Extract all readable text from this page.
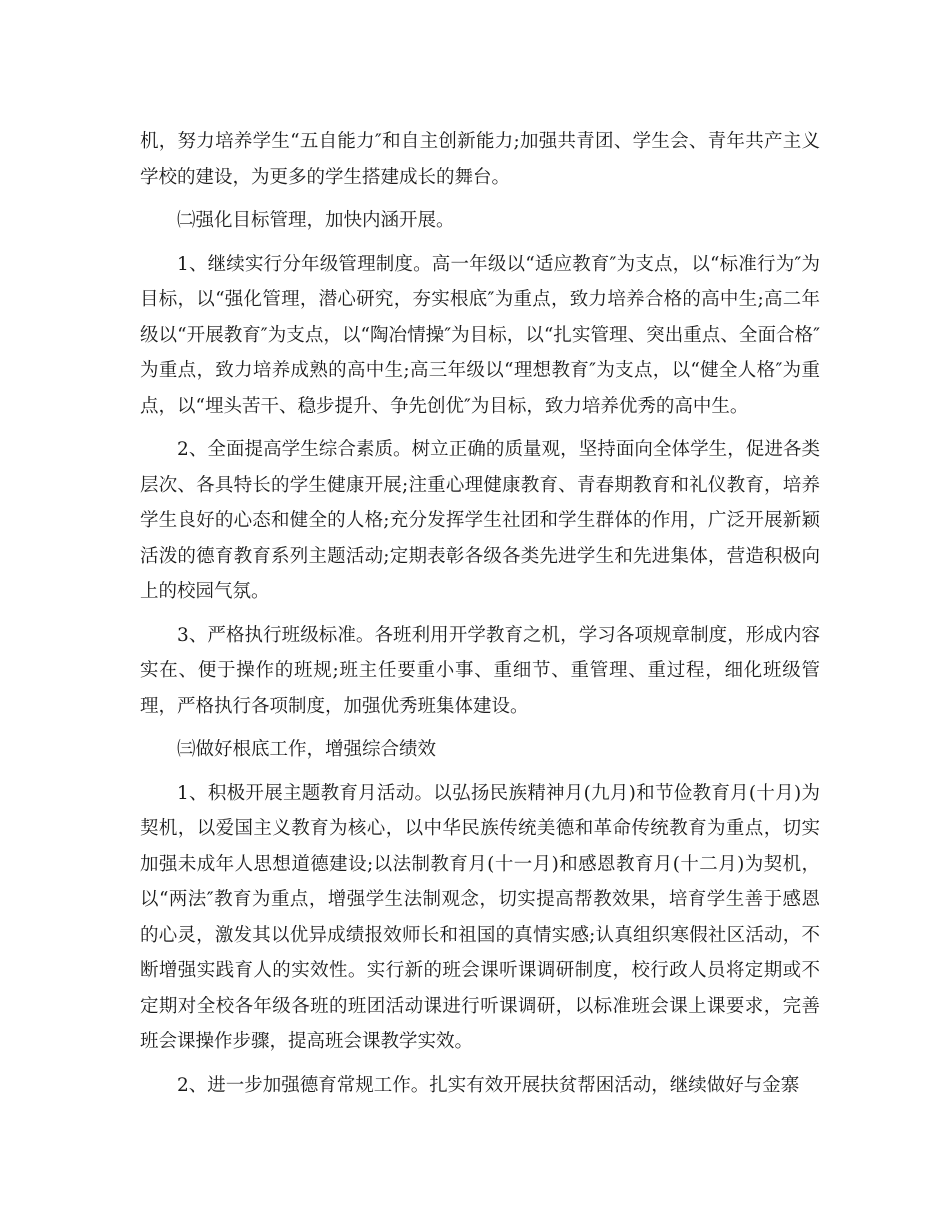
机，努力培养学生“五自能力″和自主创新能力;加强共青团、学生会、青年共产主义学校的建设，为更多的学生搭建成长的舞台。

㈡强化目标管理，加快内涵开展。

1、继续实行分年级管理制度。高一年级以“适应教育″为支点，以“标准行为″为目标，以“强化管理，潜心研究，夯实根底″为重点，致力培养合格的高中生;高二年级以“开展教育″为支点，以“陶冶情操″为目标，以“扎实管理、突出重点、全面合格″为重点，致力培养成熟的高中生;高三年级以“理想教育″为支点，以“健全人格″为重点，以“埋头苦干、稳步提升、争先创优″为目标，致力培养优秀的高中生。

2、全面提高学生综合素质。树立正确的质量观，坚持面向全体学生，促进各类层次、各具特长的学生健康开展;注重心理健康教育、青春期教育和礼仪教育，培养学生良好的心态和健全的人格;充分发挥学生社团和学生群体的作用，广泛开展新颖活泼的德育教育系列主题活动;定期表彰各级各类先进学生和先进集体，营造积极向上的校园气氛。

3、严格执行班级标准。各班利用开学教育之机，学习各项规章制度，形成内容实在、便于操作的班规;班主任要重小事、重细节、重管理、重过程，细化班级管理，严格执行各项制度，加强优秀班集体建设。

㈢做好根底工作，增强综合绩效

1、积极开展主题教育月活动。以弘扬民族精神月(九月)和节俭教育月(十月)为契机，以爱国主义教育为核心，以中华民族传统美德和革命传统教育为重点，切实加强未成年人思想道德建设;以法制教育月(十一月)和感恩教育月(十二月)为契机，以“两法″教育为重点，增强学生法制观念，切实提高帮教效果，培育学生善于感恩的心灵，激发其以优异成绩报效师长和祖国的真情实感;认真组织寒假社区活动，不断增强实践育人的实效性。实行新的班会课听课调研制度，校行政人员将定期或不定期对全校各年级各班的班团活动课进行听课调研，以标准班会课上课要求，完善班会课操作步骤，提高班会课教学实效。

2、进一步加强德育常规工作。扎实有效开展扶贫帮困活动，继续做好与金寨
